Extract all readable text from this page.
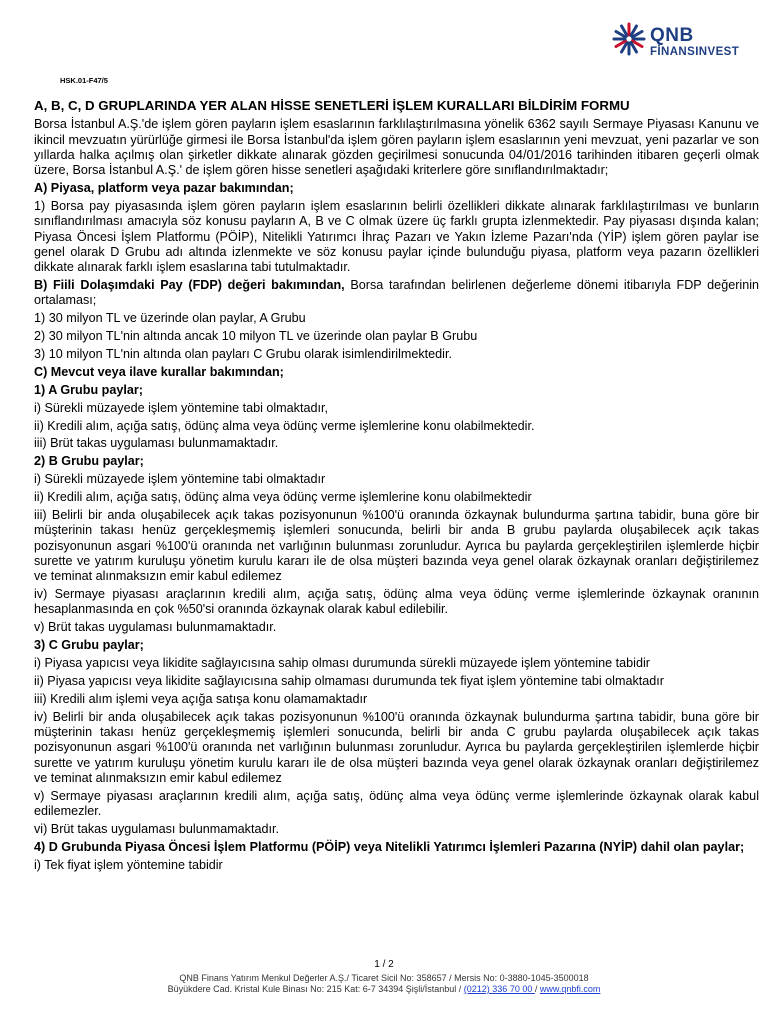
QNB
FİNANSINVEST
HSK.01-F47/5
A, B, C, D GRUPLARINDA YER ALAN HİSSE SENETLERİ İŞLEM KURALLARI BİLDİRİM FORMU

Borsa İstanbul A.Ş.'de işlem gören payların işlem esaslarının farklılaştırılmasına yönelik 6362 sayılı Sermaye Piyasası Kanunu ve ikincil mevzuatın yürürlüğe girmesi ile Borsa İstanbul'da işlem gören payların işlem esaslarının yeni mevzuat, yeni pazarlar ve son yıllarda halka açılmış olan şirketler dikkate alınarak gözden geçirilmesi sonucunda 04/01/2016 tarihinden itibaren geçerli olmak üzere, Borsa İstanbul A.Ş.' de işlem gören hisse senetleri aşağıdaki kriterlere göre sınıflandırılmaktadır;

A) Piyasa, platform veya pazar bakımından;

1) Borsa pay piyasasında işlem gören payların işlem esaslarının belirli özellikleri dikkate alınarak farklılaştırılması ve bunların sınıflandırılması amacıyla söz konusu payların A, B ve C olmak üzere üç farklı grupta izlenmektedir. Pay piyasası dışında kalan; Piyasa Öncesi İşlem Platformu (PÖİP), Nitelikli Yatırımcı İhraç Pazarı ve Yakın İzleme Pazarı'nda (YİP) işlem gören paylar ise genel olarak D Grubu adı altında izlenmekte ve söz konusu paylar içinde bulunduğu piyasa, platform veya pazarın özellikleri dikkate alınarak farklı işlem esaslarına tabi tutulmaktadır.

B) Fiili Dolaşımdaki Pay (FDP) değeri bakımından, Borsa tarafından belirlenen değerleme dönemi itibarıyla FDP değerinin ortalaması;

1) 30 milyon TL ve üzerinde olan paylar, A Grubu

2) 30 milyon TL'nin altında ancak 10 milyon TL ve üzerinde olan paylar B Grubu

3) 10 milyon TL'nin altında olan payları C Grubu olarak isimlendirilmektedir.

C) Mevcut veya ilave kurallar bakımından;

1) A Grubu paylar;

i) Sürekli müzayede işlem yöntemine tabi olmaktadır,

ii) Kredili alım, açığa satış, ödünç alma veya ödünç verme işlemlerine konu olabilmektedir.

iii) Brüt takas uygulaması bulunmamaktadır.

2) B Grubu paylar;

i) Sürekli müzayede işlem yöntemine tabi olmaktadır

ii) Kredili alım, açığa satış, ödünç alma veya ödünç verme işlemlerine konu olabilmektedir

iii) Belirli bir anda oluşabilecek açık takas pozisyonunun %100'ü oranında özkaynak bulundurma şartına tabidir, buna göre bir müşterinin takası henüz gerçekleşmemiş işlemleri sonucunda, belirli bir anda B grubu paylarda oluşabilecek açık takas pozisyonunun asgari %100'ü oranında net varlığının bulunması zorunludur. Ayrıca bu paylarda gerçekleştirilen işlemlerde hiçbir surette ve yatırım kuruluşu yönetim kurulu kararı ile de olsa müşteri bazında veya genel olarak özkaynak oranları değiştirilemez ve teminat alınmaksızın emir kabul edilemez

iv) Sermaye piyasası araçlarının kredili alım, açığa satış, ödünç alma veya ödünç verme işlemlerinde özkaynak oranının hesaplanmasında en çok %50'si oranında özkaynak olarak kabul edilebilir.

v) Brüt takas uygulaması bulunmamaktadır.

3) C Grubu paylar;

i) Piyasa yapıcısı veya likidite sağlayıcısına sahip olması durumunda sürekli müzayede işlem yöntemine tabidir

ii) Piyasa yapıcısı veya likidite sağlayıcısına sahip olmaması durumunda tek fiyat işlem yöntemine tabi olmaktadır

iii) Kredili alım işlemi veya açığa satışa konu olamamaktadır

iv) Belirli bir anda oluşabilecek açık takas pozisyonunun %100'ü oranında özkaynak bulundurma şartına tabidir, buna göre bir müşterinin takası henüz gerçekleşmemiş işlemleri sonucunda, belirli bir anda C grubu paylarda oluşabilecek açık takas pozisyonunun asgari %100'ü oranında net varlığının bulunması zorunludur. Ayrıca bu paylarda gerçekleştirilen işlemlerde hiçbir surette ve yatırım kuruluşu yönetim kurulu kararı ile de olsa müşteri bazında veya genel olarak özkaynak oranları değiştirilemez ve teminat alınmaksızın emir kabul edilemez

v) Sermaye piyasası araçlarının kredili alım, açığa satış, ödünç alma veya ödünç verme işlemlerinde özkaynak olarak kabul edilemezler.

vi) Brüt takas uygulaması bulunmamaktadır.

4) D Grubunda Piyasa Öncesi İşlem Platformu (PÖİP) veya Nitelikli Yatırımcı İşlemleri Pazarına (NYİP) dahil olan paylar;

i) Tek fiyat işlem yöntemine tabidir

1 / 2
QNB Finans Yatırım Menkul Değerler A.Ş./ Ticaret Sicil No: 358657 / Mersis No: 0-3880-1045-3500018
Büyükdere Cad. Kristal Kule Binası No: 215 Kat: 6-7 34394 Şişli/İstanbul / (0212) 336 70 00 / www.qnbfi.com
